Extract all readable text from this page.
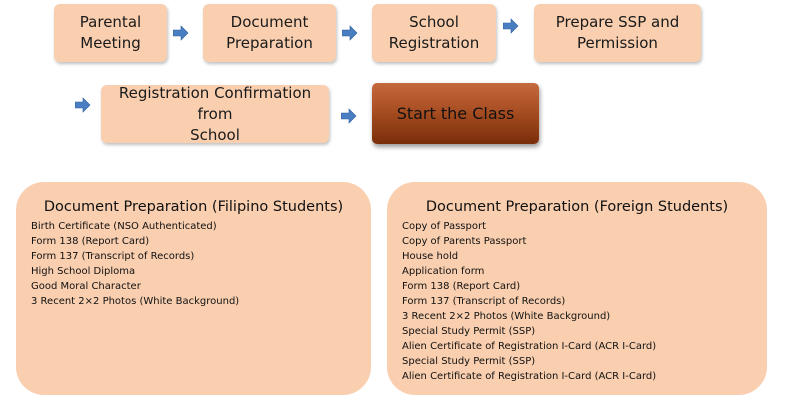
Parental
Meeting
Document
Preparation
School
Registration
Prepare SSP and
Permission
Registration Confirmation from
School
Start the Class
Document Preparation (Filipino Students)
Birth Certificate (NSO Authenticated)
Form 138 (Report Card)
Form 137 (Transcript of Records)
High School Diploma
Good Moral Character
3 Recent 2×2 Photos (White Background)
Document Preparation (Foreign Students)
Copy of Passport
Copy of Parents Passport
House hold
Application form
Form 138 (Report Card)
Form 137 (Transcript of Records)
3 Recent 2×2 Photos (White Background)
Special Study Permit (SSP)
Alien Certificate of Registration I-Card (ACR I-Card)
Special Study Permit (SSP)
Alien Certificate of Registration I-Card (ACR I-Card)
